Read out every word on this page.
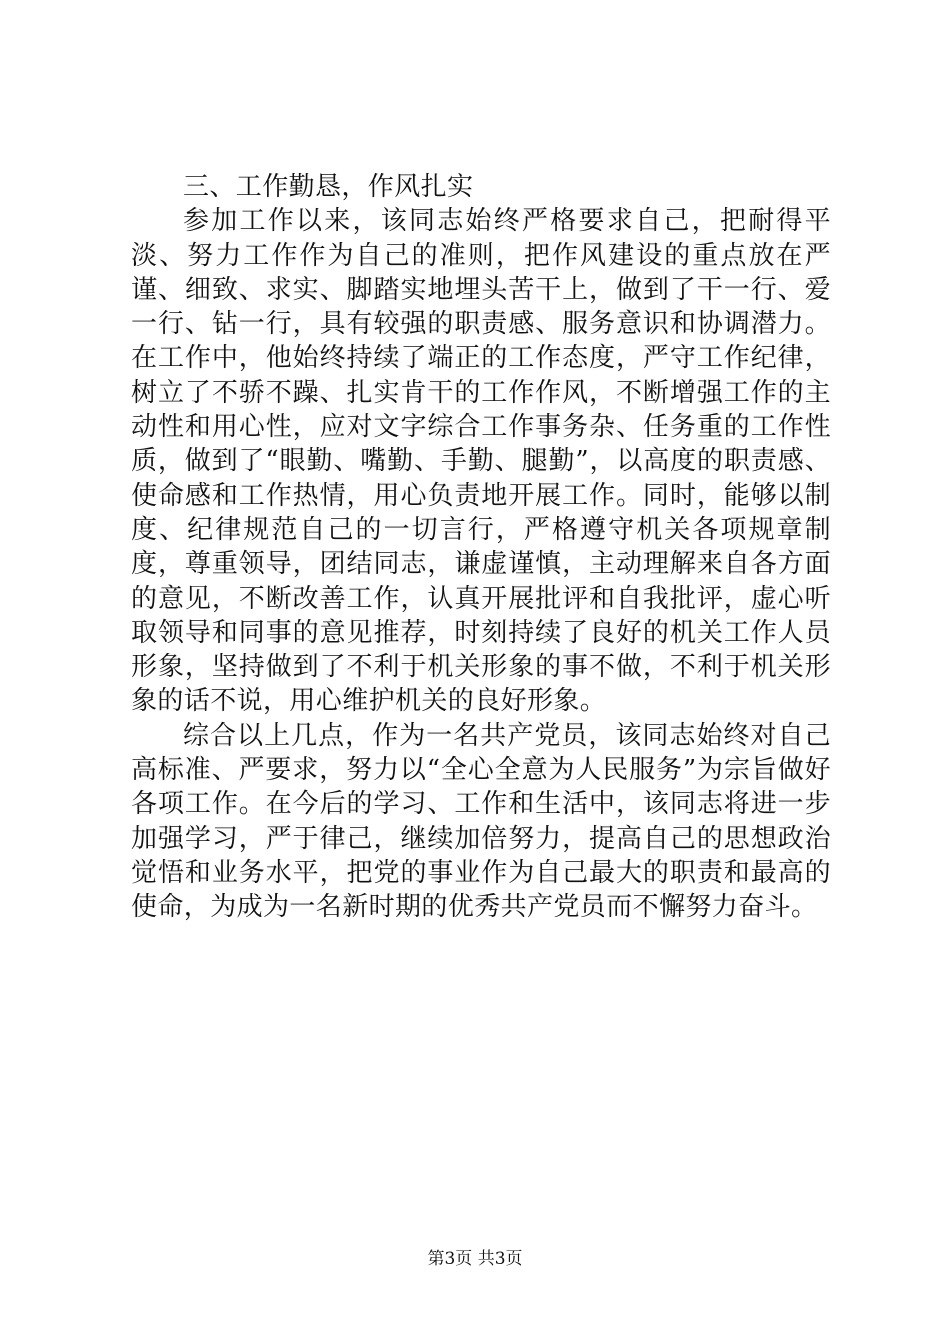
三、工作勤恳，作风扎实

参加工作以来，该同志始终严格要求自己，把耐得平淡、努力工作作为自己的准则，把作风建设的重点放在严谨、细致、求实、脚踏实地埋头苦干上，做到了干一行、爱一行、钻一行，具有较强的职责感、服务意识和协调潜力。在工作中，他始终持续了端正的工作态度，严守工作纪律，树立了不骄不躁、扎实肯干的工作作风，不断增强工作的主动性和用心性，应对文字综合工作事务杂、任务重的工作性质，做到了“眼勤、嘴勤、手勤、腿勤”，以高度的职责感、使命感和工作热情，用心负责地开展工作。同时，能够以制度、纪律规范自己的一切言行，严格遵守机关各项规章制度，尊重领导，团结同志，谦虚谨慎，主动理解来自各方面的意见，不断改善工作，认真开展批评和自我批评，虚心听取领导和同事的意见推荐，时刻持续了良好的机关工作人员形象，坚持做到了不利于机关形象的事不做，不利于机关形象的话不说，用心维护机关的良好形象。

综合以上几点，作为一名共产党员，该同志始终对自己高标准、严要求，努力以“全心全意为人民服务”为宗旨做好各项工作。在今后的学习、工作和生活中，该同志将进一步加强学习，严于律己，继续加倍努力，提高自己的思想政治觉悟和业务水平，把党的事业作为自己最大的职责和最高的使命，为成为一名新时期的优秀共产党员而不懈努力奋斗。

第3页 共3页
